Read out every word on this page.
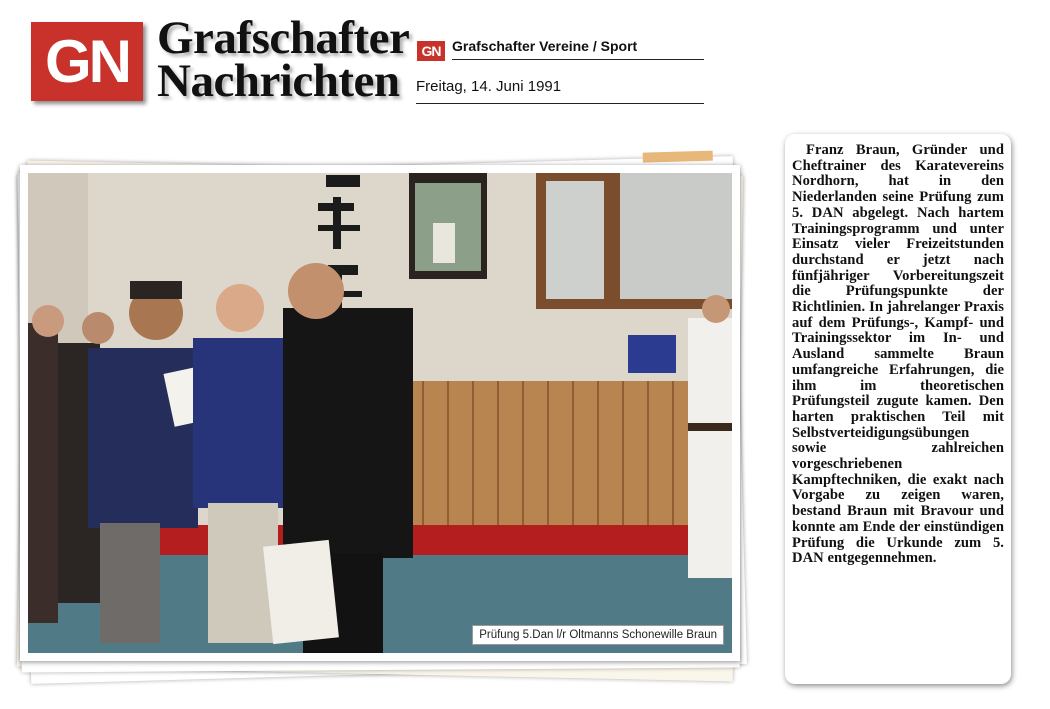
GN Grafschafter
Nachrichten
GN Grafschafter Vereine / Sport
Freitag, 14. Juni 1991
Prüfung 5.Dan l/r Oltmanns Schonewille Braun

Franz Braun, Gründer und Cheftrainer des Karatevereins Nordhorn, hat in den Niederlanden seine Prüfung zum 5. DAN abgelegt. Nach hartem Trainingsprogramm und unter Einsatz vieler Freizeitstunden durchstand er jetzt nach fünfjähriger Vorbereitungszeit die Prüfungspunkte der Richtlinien. In jahrelanger Praxis auf dem Prüfungs-, Kampf- und Trainingssektor im In- und Ausland sammelte Braun umfangreiche Erfahrungen, die ihm im theoretischen Prüfungsteil zugute kamen. Den harten praktischen Teil mit Selbstverteidigungsübungen sowie zahlreichen vorgeschriebenen Kampftechniken, die exakt nach Vorgabe zu zeigen waren, bestand Braun mit Bravour und konnte am Ende der einstündigen Prüfung die Urkunde zum 5. DAN entgegennehmen.
